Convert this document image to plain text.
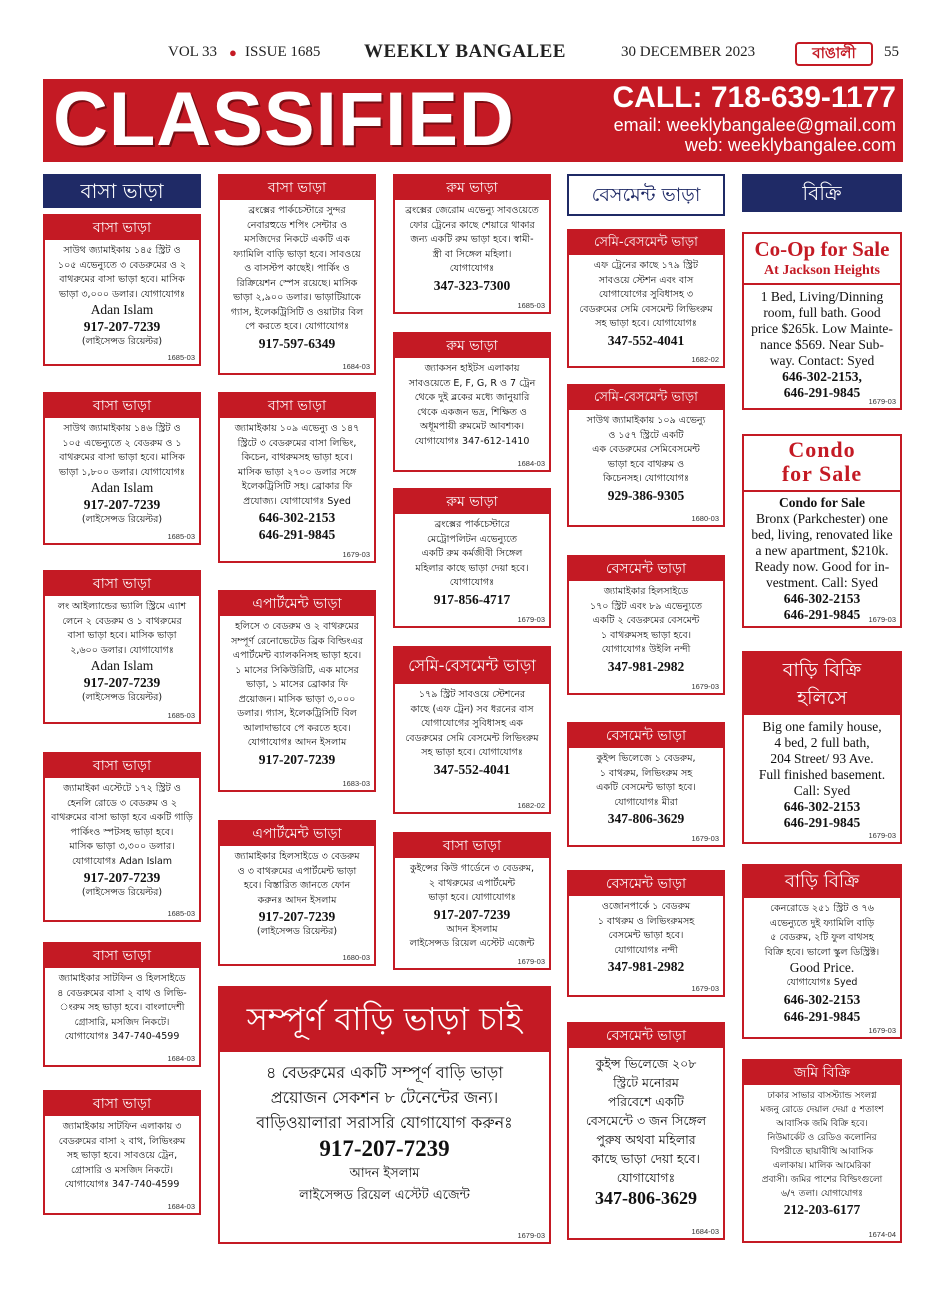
VOL 33 ● ISSUE 1685 WEEKLY BANGALEE	30 DECEMBER 2023	বাঙালী	55
CLASSIFIED	CALL: 718-639-1177
email: weeklybangalee@gmail.com
web: weeklybangalee.com
বাসা ভাড়া	বেসমেন্ট ভাড়া	বিক্রি
বাসা ভাড়া
সাউথ জ্যামাইকায় ১৪৫ স্ট্রিট ও
১০৫ এভেন্যুতে ৩ বেডরুমের ও ২
বাথরুমের বাসা ভাড়া হবে। মাসিক
ভাড়া ৩,০০০ ডলার। যোগাযোগঃ
Adan Islam
917-207-7239
(লাইসেন্সড রিয়েল্টর)
1685-03
বাসা ভাড়া
সাউথ জ্যামাইকায় ১৪৬ স্ট্রিট ও
১০৫ এভেন্যুতে ২ বেডরুম ও ১
বাথরুমের বাসা ভাড়া হবে। মাসিক
ভাড়া ১,৮০০ ডলার। যোগাযোগঃ
Adan Islam
917-207-7239
(লাইসেন্সড রিয়েল্টর)
1685-03
বাসা ভাড়া
লং আইল্যান্ডের ভ্যালি স্ট্রিমে এ্যাশ
লেনে ২ বেডরুম ও ১ বাথরুমের
বাসা ভাড়া হবে। মাসিক ভাড়া
২,৬০০ ডলার। যোগাযোগঃ
Adan Islam
917-207-7239
(লাইসেন্সড রিয়েল্টর)
1685-03
বাসা ভাড়া
জ্যামাইকা এস্টেটে ১৭২ স্ট্রিট ও
হেনলি রোডে ৩ বেডরুম ও ২
বাথরুমের বাসা ভাড়া হবে একটি গাড়ি
পার্কিংও স্পটসহ ভাড়া হবে।
মাসিক ভাড়া ৩,৩০০ ডলার।
যোগাযোগঃ Adan Islam
917-207-7239
(লাইসেন্সড রিয়েল্টর)
1685-03
বাসা ভাড়া
জ্যামাইকার সাটফিন ও হিলসাইডে
৪ বেডরুমের বাসা ২ বাথ ও লিভি-
ংরুম সহ ভাড়া হবে। বাংলাদেশী
গ্রোসারি, মসজিদ নিকটে।
যোগাযোগঃ 347-740-4599
1684-03
বাসা ভাড়া
জ্যামাইকায় সাটফিন এলাকায় ৩
বেডরুমের বাসা ২ বাথ, লিভিংরুম
সহ ভাড়া হবে। সাবওয়ে ট্রেন,
গ্রোসারি ও মসজিদ নিকটে।
যোগাযোগঃ 347-740-4599
1684-03
বাসা ভাড়া
ব্রংক্সের পার্কচেস্টারে সুন্দর
নেবারহুডে শপিং সেন্টার ও
মসজিদের নিকটে একটি এক
ফ্যামিলি বাড়ি ভাড়া হবে। সাবওয়ে
ও বাসস্টপ কাছেই। পার্কিং ও
রিক্রিয়েশন স্পেস রয়েছে। মাসিক
ভাড়া ২,৯০০ ডলার। ভাড়াটিয়াকে
গ্যাস, ইলেকট্রিসিটি ও ওয়াটার বিল
পে করতে হবে। যোগাযোগঃ
917-597-6349
1684-03
বাসা ভাড়া
জ্যামাইকায় ১০৯ এভেন্যু ও ১৪৭
স্ট্রিটে ৩ বেডরুমের বাসা লিভিং,
কিচেন, বাথরুমসহ ভাড়া হবে।
মাসিক ভাড়া ২৭০০ ডলার সঙ্গে
ইলেকট্রিসিটি সহ। ব্রোকার ফি
প্রযোজ্য। যোগাযোগঃ Syed
646-302-2153
646-291-9845
1679-03
এপার্টমেন্ট ভাড়া
হলিসে ৩ বেডরুম ও ২ বাথরুমের
সম্পূর্ণ রেনোভেটেড ব্রিক বিল্ডিংএর
এপার্টমেন্ট ব্যালকনিসহ ভাড়া হবে।
১ মাসের সিকিউরিটি, এক মাসের
ভাড়া, ১ মাসের ব্রোকার ফি
প্রয়োজন। মাসিক ভাড়া ৩,০০০
ডলার। গ্যাস, ইলেকট্রিসিটি বিল
আলাদাভাবে পে করতে হবে।
যোগাযোগঃ আদন ইসলাম
917-207-7239
1683-03
এপার্টমেন্ট ভাড়া
জ্যামাইকার হিলসাইডে ৩ বেডরুম
ও ৩ বাথরুমের এপার্টমেন্ট ভাড়া
হবে। বিস্তারিত জানতে ফোন
করুনঃ আদন ইসলাম
917-207-7239
(লাইসেন্সড রিয়েল্টর)
1680-03
রুম ভাড়া
ব্রংক্সের জেরোম এভেন্যু সাবওয়েতে
ফোর ট্রেনের কাছে শেয়ারে থাকার
জন্য একটি রুম ভাড়া হবে। স্বামী-
স্ত্রী বা সিঙ্গেল মহিলা।
যোগাযোগঃ
347-323-7300
1685-03
রুম ভাড়া
জ্যাকসন হাইটস এলাকায়
সাবওয়েতে E, F, G, R ও 7 ট্রেন
থেকে দুই ব্লকের মধ্যে জানুয়ারি
থেকে একজন ভদ্র, শিক্ষিত ও
অধূমপায়ী রুমমেট আবশ্যক।
যোগাযোগঃ 347-612-1410
1684-03
রুম ভাড়া
ব্রংক্সের পার্কচেস্টারে
মেট্রোপলিটন এভেন্যুতে
একটি রুম কর্মজীবী সিঙ্গেল
মহিলার কাছে ভাড়া দেয়া হবে।
যোগাযোগঃ
917-856-4717
1679-03
সেমি-বেসমেন্ট ভাড়া
১৭৯ স্ট্রিট সাবওয়ে স্টেশনের
কাছে (এফ ট্রেন) সব ধরনের বাস
যোগাযোগের সুবিধাসহ এক
বেডরুমের সেমি বেসমেন্ট লিভিংরুম
সহ ভাড়া হবে। যোগাযোগঃ
347-552-4041
1682-02
বাসা ভাড়া
কুইন্সের কিউ গার্ডেনে ৩ বেডরুম,
২ বাথরুমের এপার্টমেন্ট
ভাড়া হবে। যোগাযোগঃ
917-207-7239
আদন ইসলাম
লাইসেন্সড রিয়েল এস্টেট এজেন্ট
1679-03
সম্পূর্ণ বাড়ি ভাড়া চাই
৪ বেডরুমের একটি সম্পূর্ণ বাড়ি ভাড়া
প্রয়োজন সেকশন ৮ টেনেন্টের জন্য।
বাড়িওয়ালারা সরাসরি যোগাযোগ করুনঃ
917-207-7239
আদন ইসলাম
লাইসেন্সড রিয়েল এস্টেট এজেন্ট
1679-03
সেমি-বেসমেন্ট ভাড়া
এফ ট্রেনের কাছে ১৭৯ স্ট্রিট
সাবওয়ে স্টেশন এবং বাস
যোগাযোগের সুবিধাসহ ৩
বেডরুমের সেমি বেসমেন্ট লিভিংরুম
সহ ভাড়া হবে। যোগাযোগঃ
347-552-4041
1682-02
সেমি-বেসমেন্ট ভাড়া
সাউথ জ্যামাইকায় ১০৯ এভেন্যু
ও ১৫৭ স্ট্রিটে একটি
এক বেডরুমের সেমিবেসমেন্ট
ভাড়া হবে বাথরুম ও
কিচেনসহ। যোগাযোগঃ
929-386-9305
1680-03
বেসমেন্ট ভাড়া
জ্যামাইকার হিলসাইডে
১৭০ স্ট্রিট এবং ৮৯ এভেন্যুতে
একটি ২ বেডরুমের বেসমেন্ট
১ বাথরুমসহ ভাড়া হবে।
যোগাযোগঃ উইলি নন্দী
347-981-2982
1679-03
বেসমেন্ট ভাড়া
কুইন্স ভিলেজে ১ বেডরুম,
১ বাথরুম, লিভিংরুম সহ
একটি বেসমেন্ট ভাড়া হবে।
যোগাযোগঃ মীরা
347-806-3629
1679-03
বেসমেন্ট ভাড়া
ওজোনপার্কে ১ বেডরুম
১ বাথরুম ও লিভিংরুমসহ
বেসমেন্ট ভাড়া হবে।
যোগাযোগঃ নন্দী
347-981-2982
1679-03
বেসমেন্ট ভাড়া
কুইন্স ভিলেজে ২০৮
স্ট্রিটে মনোরম
পরিবেশে একটি
বেসমেন্টে ৩ জন সিঙ্গেল
পুরুষ অথবা মহিলার
কাছে ভাড়া দেয়া হবে।
যোগাযোগঃ
347-806-3629
1684-03
Co-Op for Sale
At Jackson Heights
1 Bed, Living/Dinning
room, full bath. Good
price $265k. Low Mainte-
nance $569. Near Sub-
way. Contact: Syed
646-302-2153,
646-291-9845
1679-03
Condo
for Sale
Condo for Sale
Bronx (Parkchester) one
bed, living, renovated like
a new apartment, $210k.
Ready now. Good for in-
vestment. Call: Syed
646-302-2153
646-291-9845	1679-03
বাড়ি বিক্রি
হলিসে
Big one family house,
4 bed, 2 full bath,
204 Street/ 93 Ave.
Full finished basement.
Call: Syed
646-302-2153
646-291-9845
1679-03
বাড়ি বিক্রি
কেনরোডে ২৫১ স্ট্রিট ও ৭৬
এভেন্যুতে দুই ফ্যামিলি বাড়ি
৫ বেডরুম, ২টি ফুল বাথসহ
বিক্রি হবে। ভালো স্কুল ডিস্ট্রিক্ট।
Good Price.
যোগাযোগঃ Syed
646-302-2153
646-291-9845
1679-03
জমি বিক্রি
ঢাকার সাভার বাসস্ট্যান্ড সংলগ্ন
মজনু রোডে দেয়াল দেয়া ৫ শতাংশ
আবাসিক জমি বিক্রি হবে।
নিউমার্কেট ও রেডিও কলোনির
বিপরীতে ছায়াবীথি আবাসিক
এলাকায়। মালিক আমেরিকা
প্রবাসী। জমির পাশের বিল্ডিংগুলো
৬/৭ তলা। যোগাযোগঃ
212-203-6177
1674-04
